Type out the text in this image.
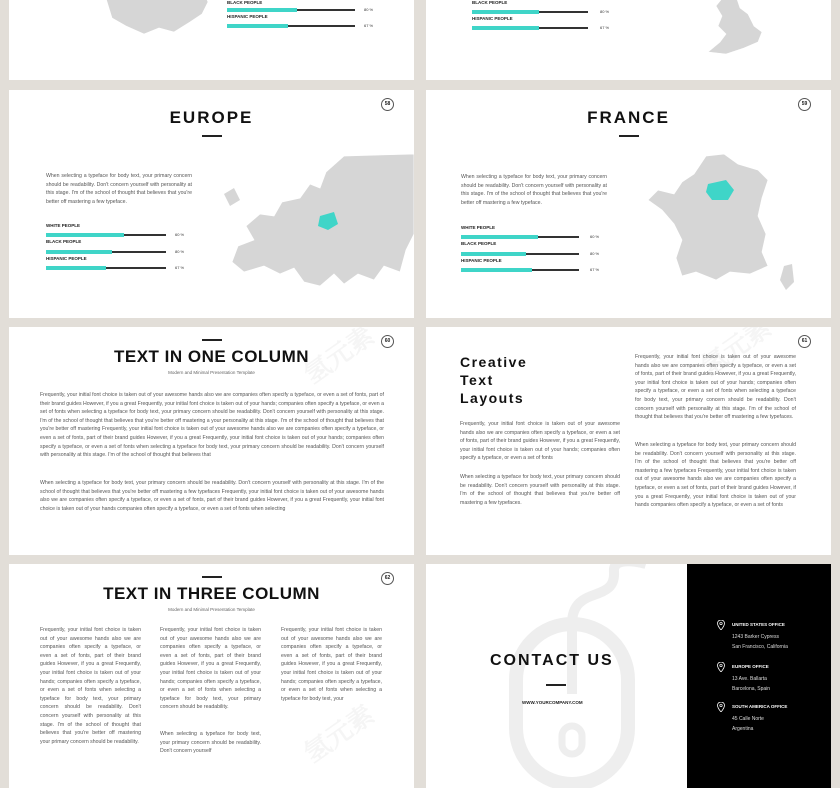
BLACK PEOPLE
80 %
HISPANIC PEOPLE
67 %
BLACK PEOPLE
80 %
HISPANIC PEOPLE
67 %
58
EUROPE
When selecting a typeface for body text, your primary concern should be readability. Don't concern yourself with personality at this stage. I'm of the school of thought that believes that you're better off mastering a few typeface.
WHITE PEOPLE
60 %
BLACK PEOPLE
80 %
HISPANIC PEOPLE
67 %
59
FRANCE
When selecting a typeface for body text, your primary concern should be readability. Don't concern yourself with personality at this stage. I'm of the school of thought that believes that you're better off mastering a few typeface.
WHITE PEOPLE
60 %
BLACK PEOPLE
80 %
HISPANIC PEOPLE
67 %
60
TEXT IN ONE COLUMN
Modern and Minimal Presentation Template
Frequently, your initial font choice is taken out of your awesome hands also we are companies often specify a typeface, or even a set of fonts, part of their brand guides However, if you a great Frequently, your initial font choice is taken out of your hands; companies often specify a typeface, or even a set of fonts when selecting a typeface for body text, your primary concern should be readability. Don't concern yourself with personality at this stage. I'm of the school of thought that believes that you're better off mastering a your personality at this stage. I'm of the school of thought that believes that you're better off mastering Frequently, your initial font choice is taken out of your awesome hands also we are companies often specify a typeface, or even a set of fonts, part of their brand guides However, if you a great Frequently, your initial font choice is taken out of your hands; companies often specify a typeface, or even a set of fonts when selecting a typeface for body text, your primary concern should be readability. Don't concern yourself with personality at this stage. I'm of the school of thought that believes that
When selecting a typeface for body text, your primary concern should be readability. Don't concern yourself with personality at this stage. I'm of the school of thought that believes that you're better off mastering a few typefaces Frequently, your initial font choice is taken out of your awesome hands also we are companies often specify a typeface, or even a set of fonts, part of their brand guides However, if you a great Frequently, your initial font choice is taken out of your hands companies often specify a typeface, or even a set of fonts when selecting
61
Creative
Text
Layouts
Frequently, your initial font choice is taken out of your awesome hands also we are companies often specify a typeface, or even a set of fonts, part of their brand guides However, if you a great Frequently, your initial font choice is taken out of your hands; companies often specify a typeface, or even a set of fonts
When selecting a typeface for body text, your primary concern should be readability. Don't concern yourself with personality at this stage. I'm of the school of thought that believes that you're better off mastering a few typefaces.
Frequently, your initial font choice is taken out of your awesome hands also we are companies often specify a typeface, or even a set of fonts, part of their brand guides However, if you a great Frequently, your initial font choice is taken out of your hands; companies often specify a typeface, or even a set of fonts when selecting a typeface for body text, your primary concern should be readability. Don't concern yourself with personality at this stage. I'm of the school of thought that believes that you're better off mastering a few typefaces.
When selecting a typeface for body text, your primary concern should be readability. Don't concern yourself with personality at this stage. I'm of the school of thought that believes that you're better off mastering a few typefaces Frequently, your initial font choice is taken out of your awesome hands also we are companies often specify a typeface, or even a set of fonts, part of their brand guides However, if you a great Frequently, your initial font choice is taken out of your hands companies often specify a typeface, or even a set of fonts
62
TEXT IN THREE COLUMN
Modern and Minimal Presentation Template
Frequently, your initial font choice is taken out of your awesome hands also we are companies often specify a typeface, or even a set of fonts, part of their brand guides However, if you a great Frequently, your initial font choice is taken out of your hands; companies often specify a typeface, or even a set of fonts when selecting a typeface for body text, your primary concern should be readability. Don't concern yourself with personality at this stage. I'm of the school of thought that believes that you're better off mastering your primary concern should be readability.
Frequently, your initial font choice is taken out of your awesome hands also we are companies often specify a typeface, or even a set of fonts, part of their brand guides However, if you a great Frequently, your initial font choice is taken out of your hands; companies often specify a typeface, or even a set of fonts when selecting a typeface for body text, your primary concern should be readability.
When selecting a typeface for body text, your primary concern should be readability. Don't concern yourself
Frequently, your initial font choice is taken out of your awesome hands also we are companies often specify a typeface, or even a set of fonts, part of their brand guides However, if you a great Frequently, your initial font choice is taken out of your hands; companies often specify a typeface, or even a set of fonts when selecting a typeface for body text, your
CONTACT US
WWW.YOURCOMPANY.COM
UNITED STATES OFFICE
1243 Barker Cypress
San Francisco, California
EUROPE OFFICE
13 Ave. Ballarta
Barcelona, Spain
SOUTH AMERICA OFFICE
45 Calle Norte
Argentina
